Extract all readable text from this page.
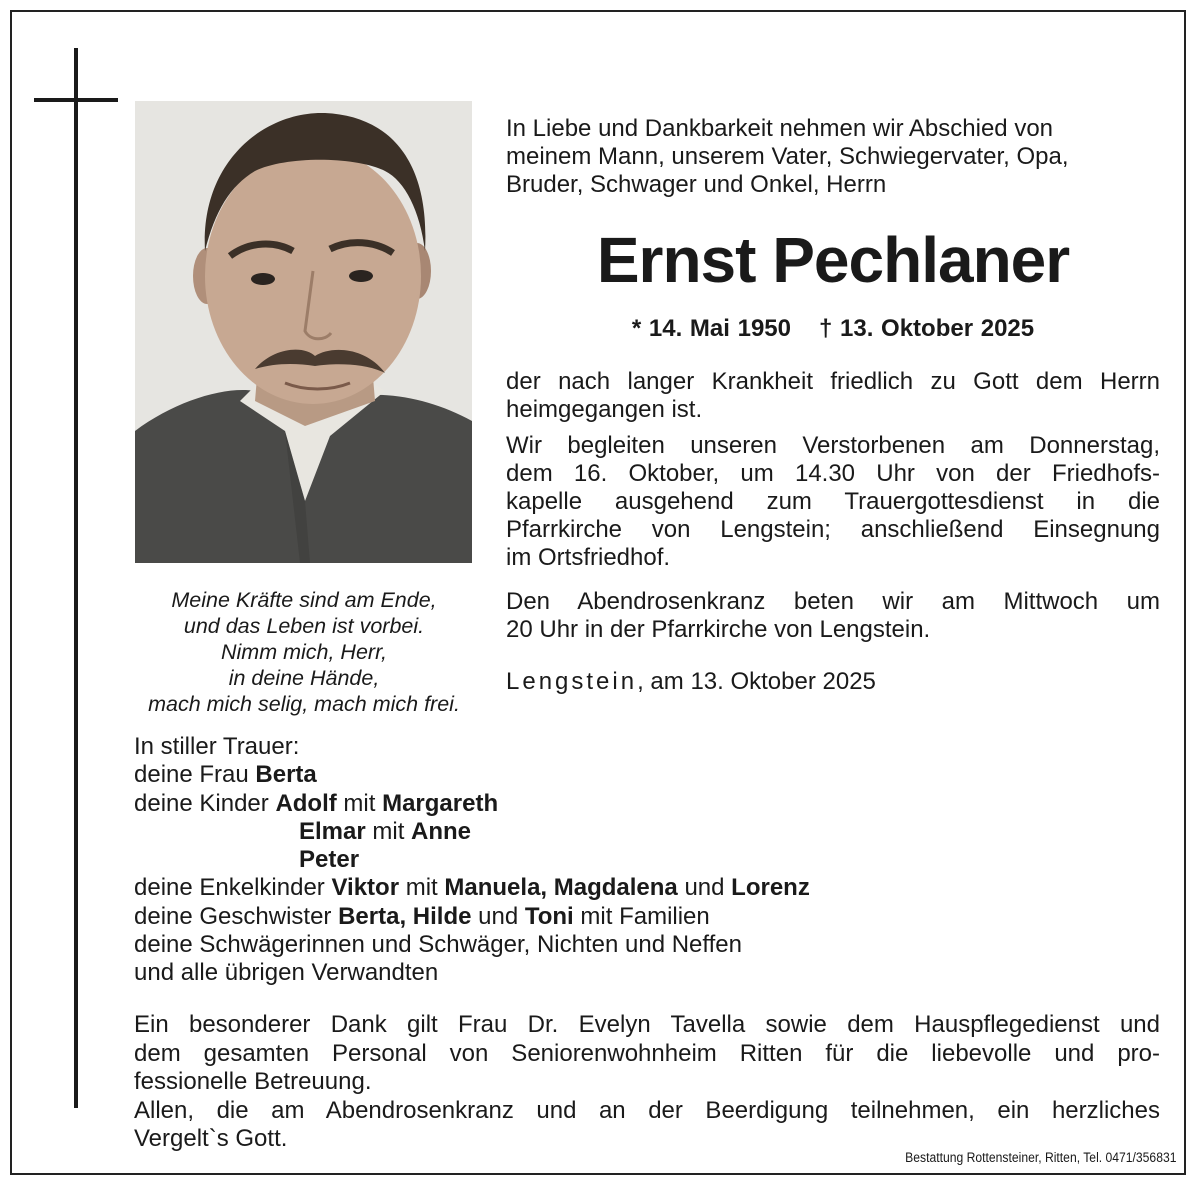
Meine Kräfte sind am Ende,
und das Leben ist vorbei.
Nimm mich, Herr,
in deine Hände,
mach mich selig, mach mich frei.
In Liebe und Dankbarkeit nehmen wir Abschied von
meinem Mann, unserem Vater, Schwiegervater, Opa,
Bruder, Schwager und Onkel, Herrn
Ernst Pechlaner
* 14. Mai 1950 † 13. Oktober 2025
der nach langer Krankheit friedlich zu Gott dem Herrn
heimgegangen ist.
Wir begleiten unseren Verstorbenen am Donnerstag,
dem 16. Oktober, um 14.30 Uhr von der Friedhofs-
kapelle ausgehend zum Trauergottesdienst in die
Pfarrkirche von Lengstein; anschließend Einsegnung
im Ortsfriedhof.
Den Abendrosenkranz beten wir am Mittwoch um
20 Uhr in der Pfarrkirche von Lengstein.
Lengstein, am 13. Oktober 2025
In stiller Trauer:
deine Frau Berta
deine Kinder Adolf mit Margareth
Elmar mit Anne
Peter
deine Enkelkinder Viktor mit Manuela, Magdalena und Lorenz
deine Geschwister Berta, Hilde und Toni mit Familien
deine Schwägerinnen und Schwäger, Nichten und Neffen
und alle übrigen Verwandten
Ein besonderer Dank gilt Frau Dr. Evelyn Tavella sowie dem Hauspflegedienst und
dem gesamten Personal von Seniorenwohnheim Ritten für die liebevolle und pro-
fessionelle Betreuung.
Allen, die am Abendrosenkranz und an der Beerdigung teilnehmen, ein herzliches
Vergelt`s Gott.
Bestattung Rottensteiner, Ritten, Tel. 0471/356831
